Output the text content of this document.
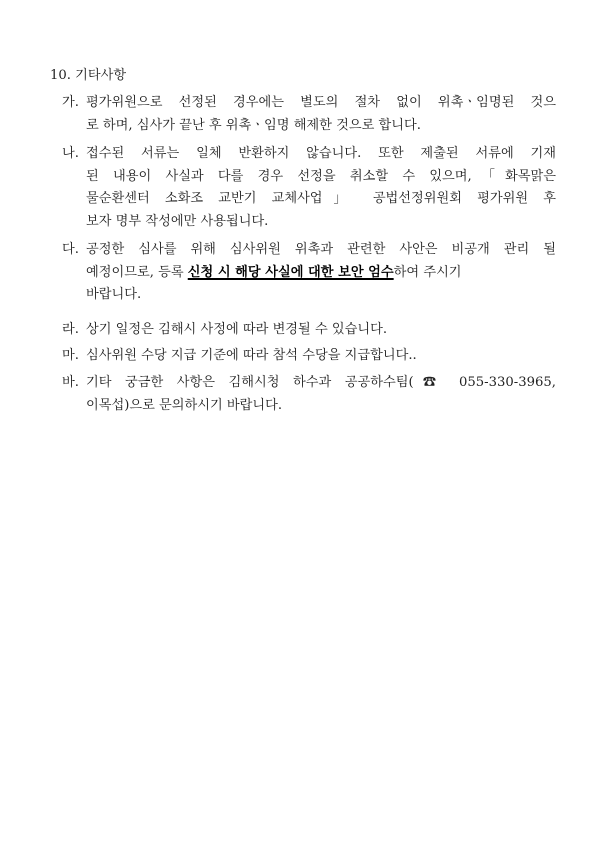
10. 기타사항
가. 평가위원으로 선정된 경우에는 별도의 절차 없이 위촉ㆍ임명된 것으
로 하며, 심사가 끝난 후 위촉ㆍ임명 해제한 것으로 합니다.
나. 접수된 서류는 일체 반환하지 않습니다. 또한 제출된 서류에 기재
된 내용이 사실과 다를 경우 선정을 취소할 수 있으며,「화목맑은
물순환센터 소화조 교반기 교체사업」 공법선정위원회 평가위원 후
보자 명부 작성에만 사용됩니다.
다. 공정한 심사를 위해 심사위원 위촉과 관련한 사안은 비공개 관리 될
예정이므로, 등록 신청 시 해당 사실에 대한 보안 엄수하여 주시기
바랍니다.
라. 상기 일정은 김해시 사정에 따라 변경될 수 있습니다.
마. 심사위원 수당 지급 기준에 따라 참석 수당을 지급합니다..
바. 기타 궁금한 사항은 김해시청 하수과 공공하수팀(☎ 055-330-3965,
이목섭)으로 문의하시기 바랍니다.
